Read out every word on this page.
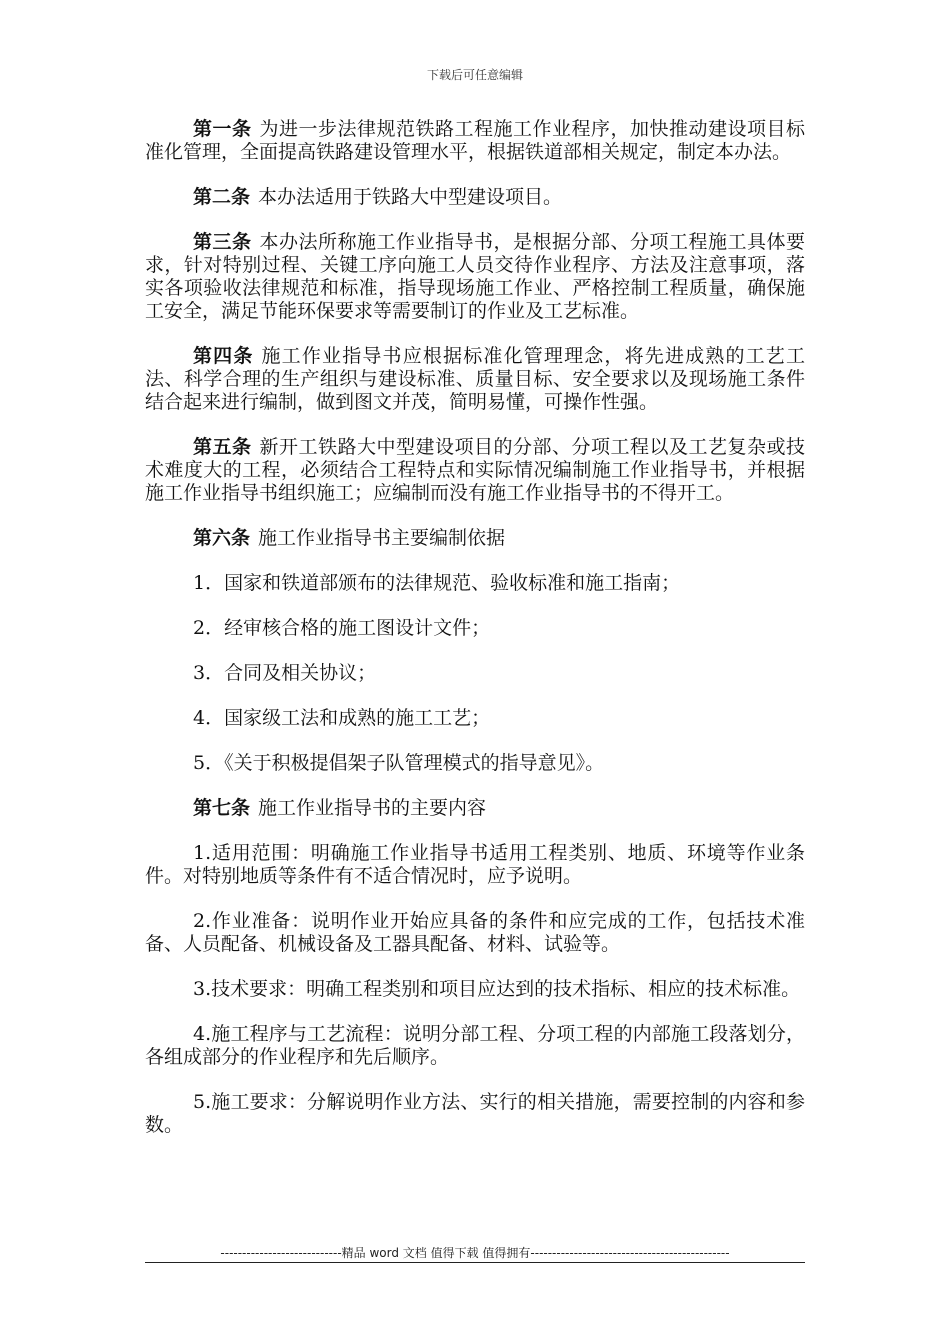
下载后可任意编辑

第一条 为进一步法律规范铁路工程施工作业程序，加快推动建设项目标准化管理，全面提高铁路建设管理水平，根据铁道部相关规定，制定本办法。

第二条 本办法适用于铁路大中型建设项目。

第三条 本办法所称施工作业指导书，是根据分部、分项工程施工具体要求，针对特别过程、关键工序向施工人员交待作业程序、方法及注意事项，落实各项验收法律规范和标准，指导现场施工作业、严格控制工程质量，确保施工安全，满足节能环保要求等需要制订的作业及工艺标准。

第四条 施工作业指导书应根据标准化管理理念，将先进成熟的工艺工法、科学合理的生产组织与建设标准、质量目标、安全要求以及现场施工条件结合起来进行编制，做到图文并茂，简明易懂，可操作性强。

第五条 新开工铁路大中型建设项目的分部、分项工程以及工艺复杂或技术难度大的工程，必须结合工程特点和实际情况编制施工作业指导书，并根据施工作业指导书组织施工；应编制而没有施工作业指导书的不得开工。

第六条 施工作业指导书主要编制依据

1．国家和铁道部颁布的法律规范、验收标准和施工指南；

2．经审核合格的施工图设计文件；

3．合同及相关协议；

4．国家级工法和成熟的施工工艺；

5．《关于积极提倡架子队管理模式的指导意见》。

第七条 施工作业指导书的主要内容

1.适用范围：明确施工作业指导书适用工程类别、地质、环境等作业条件。对特别地质等条件有不适合情况时，应予说明。

2.作业准备：说明作业开始应具备的条件和应完成的工作，包括技术准备、人员配备、机械设备及工器具配备、材料、试验等。

3.技术要求：明确工程类别和项目应达到的技术指标、相应的技术标准。

4.施工程序与工艺流程：说明分部工程、分项工程的内部施工段落划分，各组成部分的作业程序和先后顺序。

5.施工要求：分解说明作业方法、实行的相关措施，需要控制的内容和参数。

----------------------------精品 word 文档 值得下载 值得拥有----------------------------------------------
